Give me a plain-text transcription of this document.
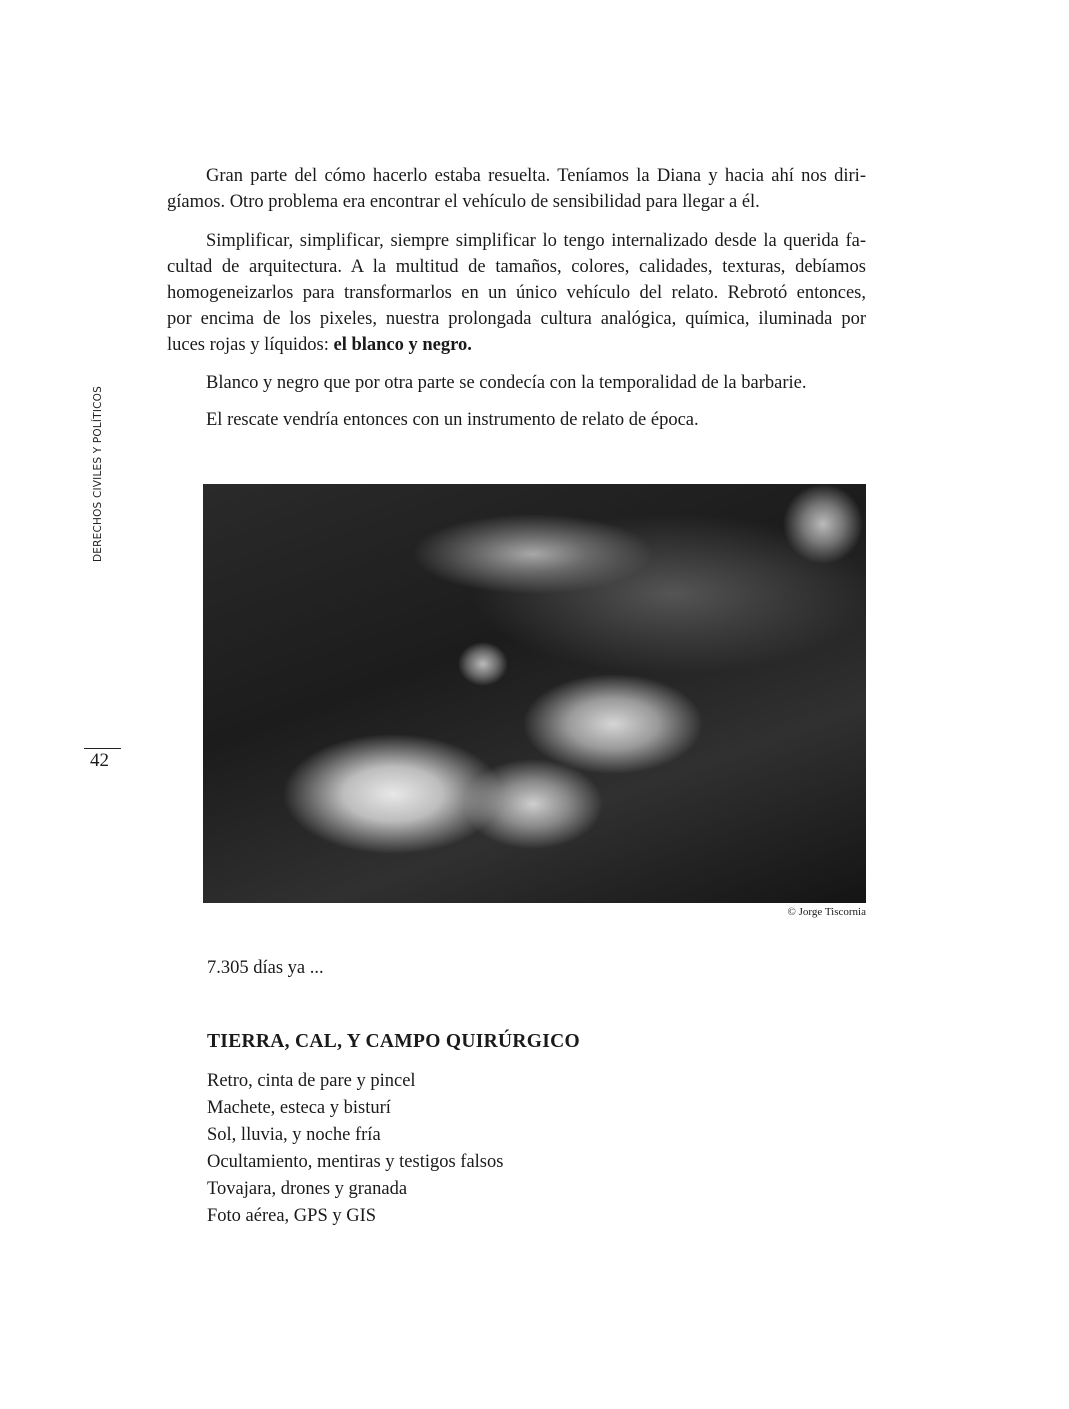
DERECHOS CIVILES Y POLÍTICOS
42
Gran parte del cómo hacerlo estaba resuelta. Teníamos la Diana y hacia ahí nos diri-
gíamos. Otro problema era encontrar el vehículo de sensibilidad para llegar a él.
Simplificar, simplificar, siempre simplificar lo tengo internalizado desde la querida fa-
cultad de arquitectura. A la multitud de tamaños, colores, calidades, texturas, debíamos
homogeneizarlos para transformarlos en un único vehículo del relato. Rebrotó entonces,
por encima de los pixeles, nuestra prolongada cultura analógica, química, iluminada por
luces rojas y líquidos: el blanco y negro.
Blanco y negro que por otra parte se condecía con la temporalidad de la barbarie.
El rescate vendría entonces con un instrumento de relato de época.
© Jorge Tiscornia
7.305 días ya ...
TIERRA, CAL, Y CAMPO QUIRÚRGICO
Retro, cinta de pare y pincel
Machete, esteca y bisturí
Sol, lluvia, y noche fría
Ocultamiento, mentiras y testigos falsos
Tovajara, drones y granada
Foto aérea, GPS y GIS
